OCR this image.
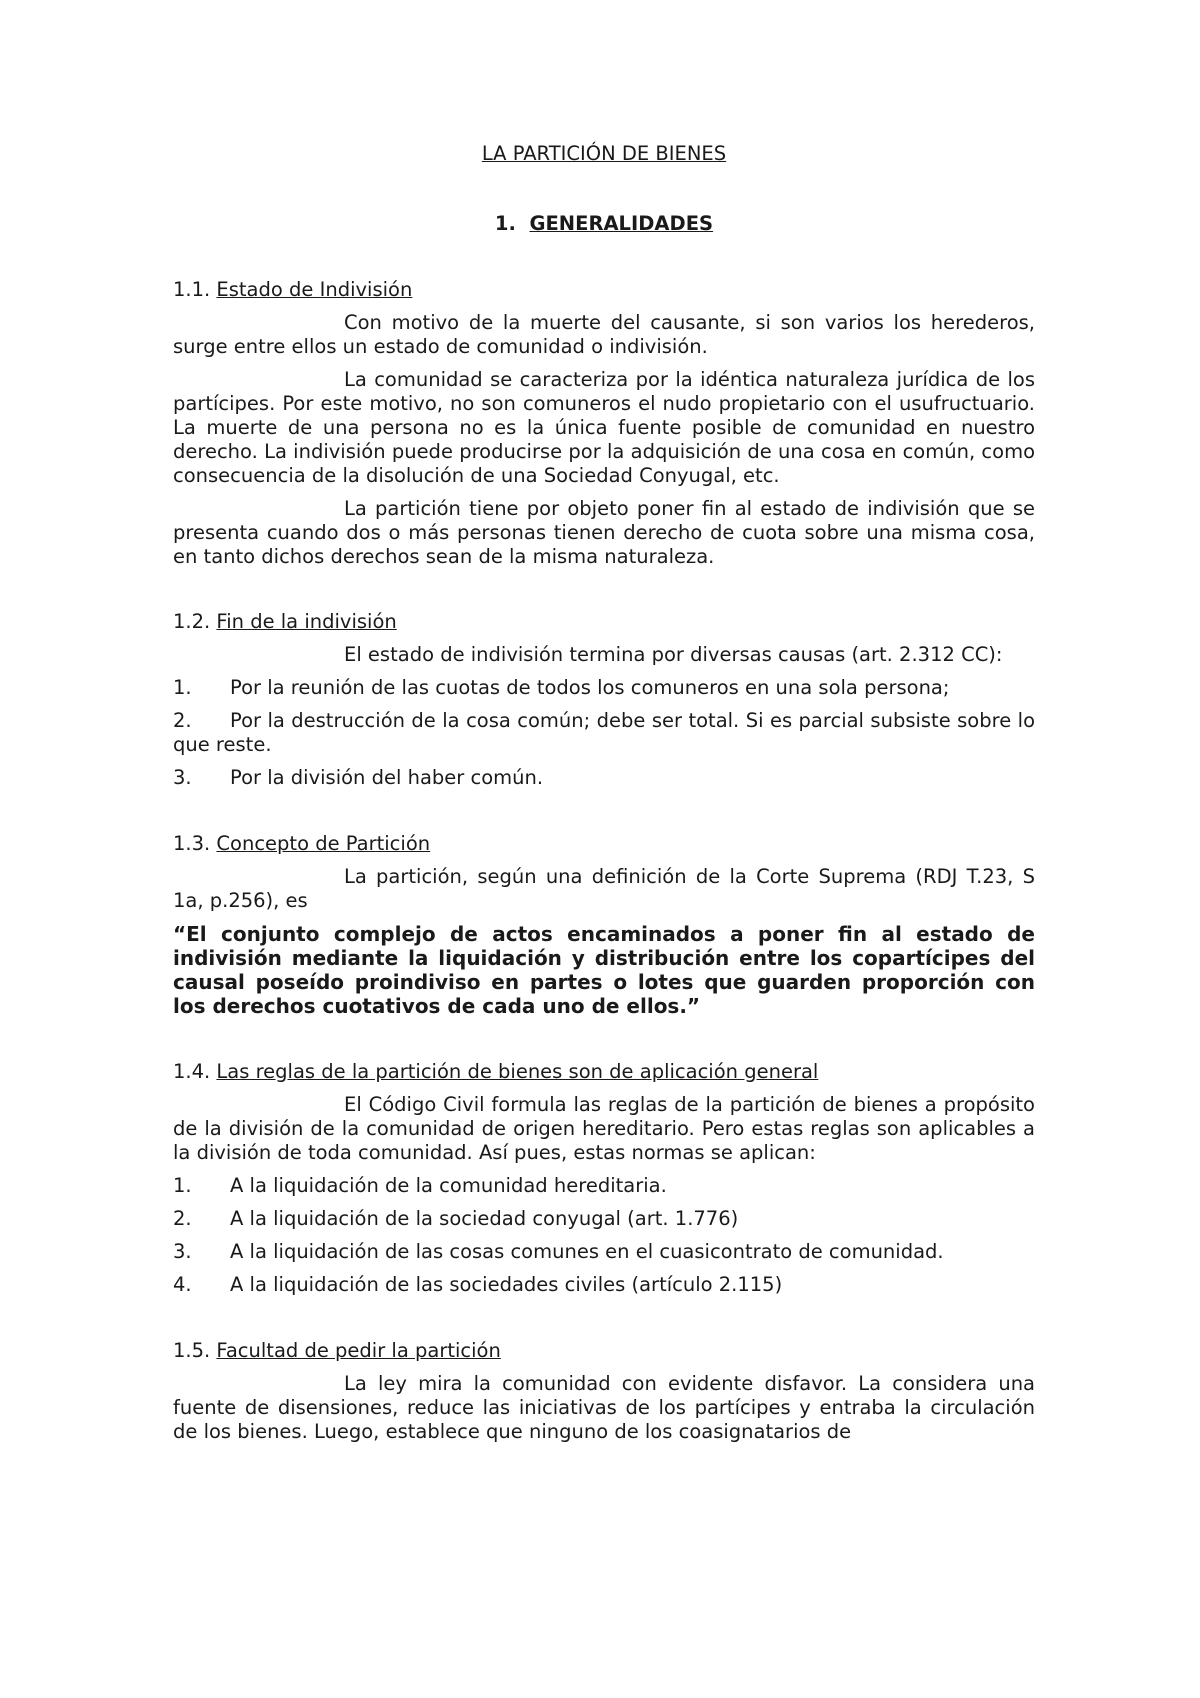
LA PARTICIÓN DE BIENES
1. GENERALIDADES
1.1. Estado de Indivisión

Con motivo de la muerte del causante, si son varios los herederos, surge entre ellos un estado de comunidad o indivisión.

La comunidad se caracteriza por la idéntica naturaleza jurídica de los partícipes. Por este motivo, no son comuneros el nudo propietario con el usufructuario. La muerte de una persona no es la única fuente posible de comunidad en nuestro derecho. La indivisión puede producirse por la adquisición de una cosa en común, como consecuencia de la disolución de una Sociedad Conyugal, etc.

La partición tiene por objeto poner fin al estado de indivisión que se presenta cuando dos o más personas tienen derecho de cuota sobre una misma cosa, en tanto dichos derechos sean de la misma naturaleza.

1.2. Fin de la indivisión

El estado de indivisión termina por diversas causas (art. 2.312 CC):

1. Por la reunión de las cuotas de todos los comuneros en una sola persona;

2. Por la destrucción de la cosa común; debe ser total. Si es parcial subsiste sobre lo que reste.

3. Por la división del haber común.

1.3. Concepto de Partición

La partición, según una definición de la Corte Suprema (RDJ T.23, S 1a, p.256), es

“El conjunto complejo de actos encaminados a poner fin al estado de indivisión mediante la liquidación y distribución entre los copartícipes del causal poseído proindiviso en partes o lotes que guarden proporción con los derechos cuotativos de cada uno de ellos.”

1.4. Las reglas de la partición de bienes son de aplicación general

El Código Civil formula las reglas de la partición de bienes a propósito de la división de la comunidad de origen hereditario. Pero estas reglas son aplicables a la división de toda comunidad. Así pues, estas normas se aplican:

1.	A la liquidación de la comunidad hereditaria.
2.	A la liquidación de la sociedad conyugal (art. 1.776)
3.	A la liquidación de las cosas comunes en el cuasicontrato de comunidad.
4.	A la liquidación de las sociedades civiles (artículo 2.115)
1.5. Facultad de pedir la partición

La ley mira la comunidad con evidente disfavor. La considera una fuente de disensiones, reduce las iniciativas de los partícipes y entraba la circulación de los bienes. Luego, establece que ninguno de los coasignatarios de
